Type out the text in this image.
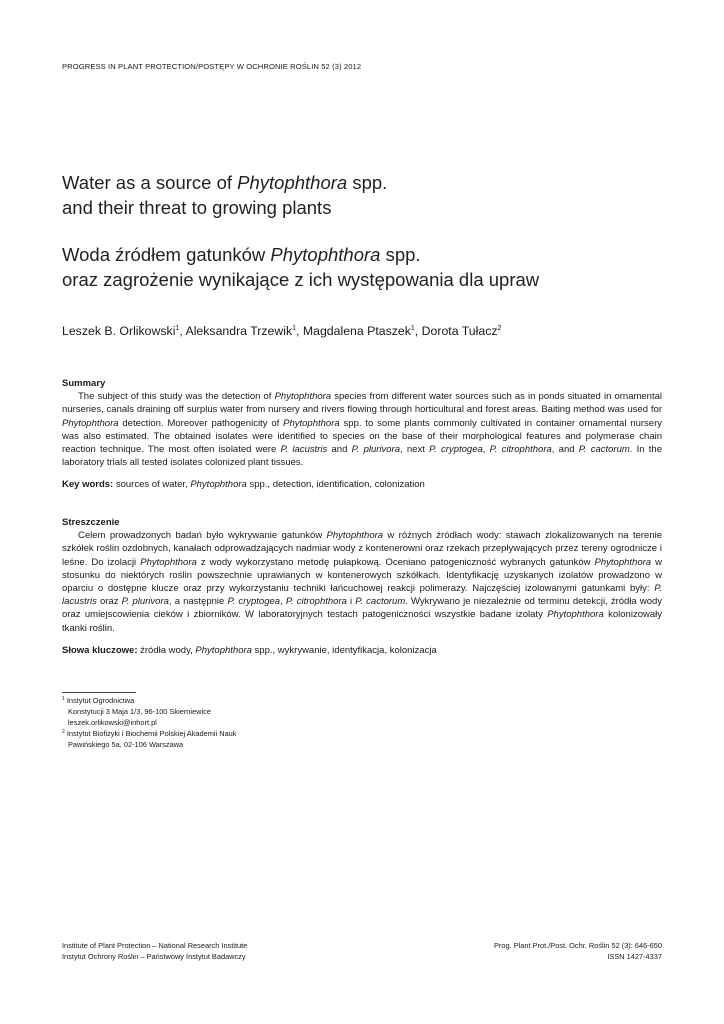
PROGRESS IN PLANT PROTECTION/POSTĘPY W OCHRONIE ROŚLIN 52 (3) 2012
Water as a source of Phytophthora spp.
and their threat to growing plants
Woda źródłem gatunków Phytophthora spp.
oraz zagrożenie wynikające z ich występowania dla upraw
Leszek B. Orlikowski$^1$, Aleksandra Trzewik$^1$, Magdalena Ptaszek$^1$, Dorota Tułacz$^2$
Summary
The subject of this study was the detection of Phytophthora species from different water sources such as in ponds situated in ornamental nurseries, canals draining off surplus water from nursery and rivers flowing through horticultural and forest areas. Baiting method was used for Phytophthora detection. Moreover pathogenicity of Phytophthora spp. to some plants commonly cultivated in container ornamental nursery was also estimated. The obtained isolates were identified to species on the base of their morphological features and polymerase chain reaction technique. The most often isolated were P. lacustris and P. plurivora, next P. cryptogea, P. citrophthora, and P. cactorum. In the laboratory trials all tested isolates colonized plant tissues.
Key words: sources of water, Phytophthora spp., detection, identification, colonization
Streszczenie
Celem prowadzonych badań było wykrywanie gatunków Phytophthora w różnych źródłach wody: stawach zlokalizowanych na terenie szkółek roślin ozdobnych, kanałach odprowadzających nadmiar wody z kontenerowni oraz rzekach przepływających przez tereny ogrodnicze i leśne. Do izolacji Phytophthora z wody wykorzystano metodę pułapkową. Oceniano patogeniczność wybranych gatunków Phytophthora w stosunku do niektórych roślin powszechnie uprawianych w kontenerowych szkółkach. Identyfikację uzyskanych izolatów prowadzono w oparciu o dostępne klucze oraz przy wykorzystaniu techniki łańcuchowej reakcji polimerazy. Najczęściej izolowanymi gatunkami były: P. lacustris oraz P. plurivora, a następnie P. cryptogea, P. citrophthora i P. cactorum. Wykrywano je niezależnie od terminu detekcji, źródła wody oraz umiejscowienia cieków i zbiorników. W laboratoryjnych testach patogeniczności wszystkie badane izolaty Phytophthora kolonizowały tkanki roślin.
Słowa kluczowe: źródła wody, Phytophthora spp., wykrywanie, identyfikacja, kolonizacja
$^1$ Instytut Ogrodnictwa
Konstytucji 3 Maja 1/3, 96-100 Skierniewice
leszek.orlikowski@inhort.pl
$^2$ Instytut Biofizyki i Biochemii Polskiej Akademii Nauk
Pawińskiego 5a, 02-106 Warszawa
Institute of Plant Protection – National Research Institute
Instytut Ochrony Roślin – Państwowy Instytut Badawczy
Prog. Plant Prot./Post. Ochr. Roślin 52 (3): 646-650
ISSN 1427-4337
